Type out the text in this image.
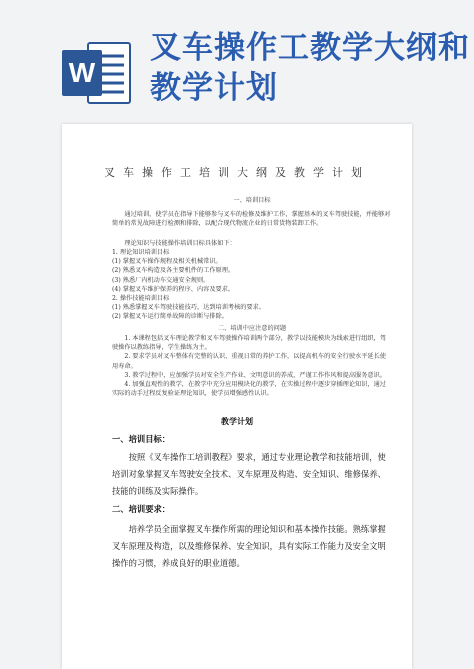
W
叉车操作工教学大纲和教学计划
叉车操作工培训大纲及教学计划
一、培训目标
通过培训，使学员在指导下能够参与叉车的检修及维护工作，掌握基本的叉车驾驶技能，并能够对简单的常见故障进行检测和排除，以配合现代物流企业的日常货物装卸工作。
理论知识与技能操作培训目标具体如下：
1. 理论知识培训目标
(1) 掌握叉车操作规程及相关机械常识。
(2) 熟悉叉车构造及各主要机件的工作原理。
(3) 熟悉厂内机动车交通安全规则。
(4) 掌握叉车维护保养的程序、内容及要求。
2. 操作技能培训目标
(1) 熟悉掌握叉车驾驶技能技巧，达到培训考核的要求。
(2) 掌握叉车运行简单故障的诊断与排除。
二、培训中应注意的问题
1. 本课程包括叉车理论教学和叉车驾驶操作培训两个部分，教学以技能模块为线索进行组织，驾驶操作以教练指导，学生操练为主。
2. 要求学员对叉车整体有完整的认识，重视日常的养护工作，以提高机车的安全行驶水平延长使用寿命。
3. 教学过程中，应加强学员对安全生产作业、文明意识的养成，严谨工作作风和提高服务意识。
4. 加强直观性的教学，在教学中充分应用模块化的教学，在实操过程中逐步穿插理论知识，通过实际的动手过程反复验证理论知识，使学员增强感性认识。
教学计划
一、培训目标：
按照《叉车操作工培训教程》要求，通过专业理论教学和技能培训，使培训对象掌握叉车驾驶安全技术、叉车原理及构造、安全知识、维修保养、技能的训练及实际操作。
二、培训要求：
培养学员全面掌握叉车操作所需的理论知识和基本操作技能。熟练掌握叉车原理及构造，以及维修保养、安全知识，具有实际工作能力及安全文明操作的习惯，养成良好的职业道德。
